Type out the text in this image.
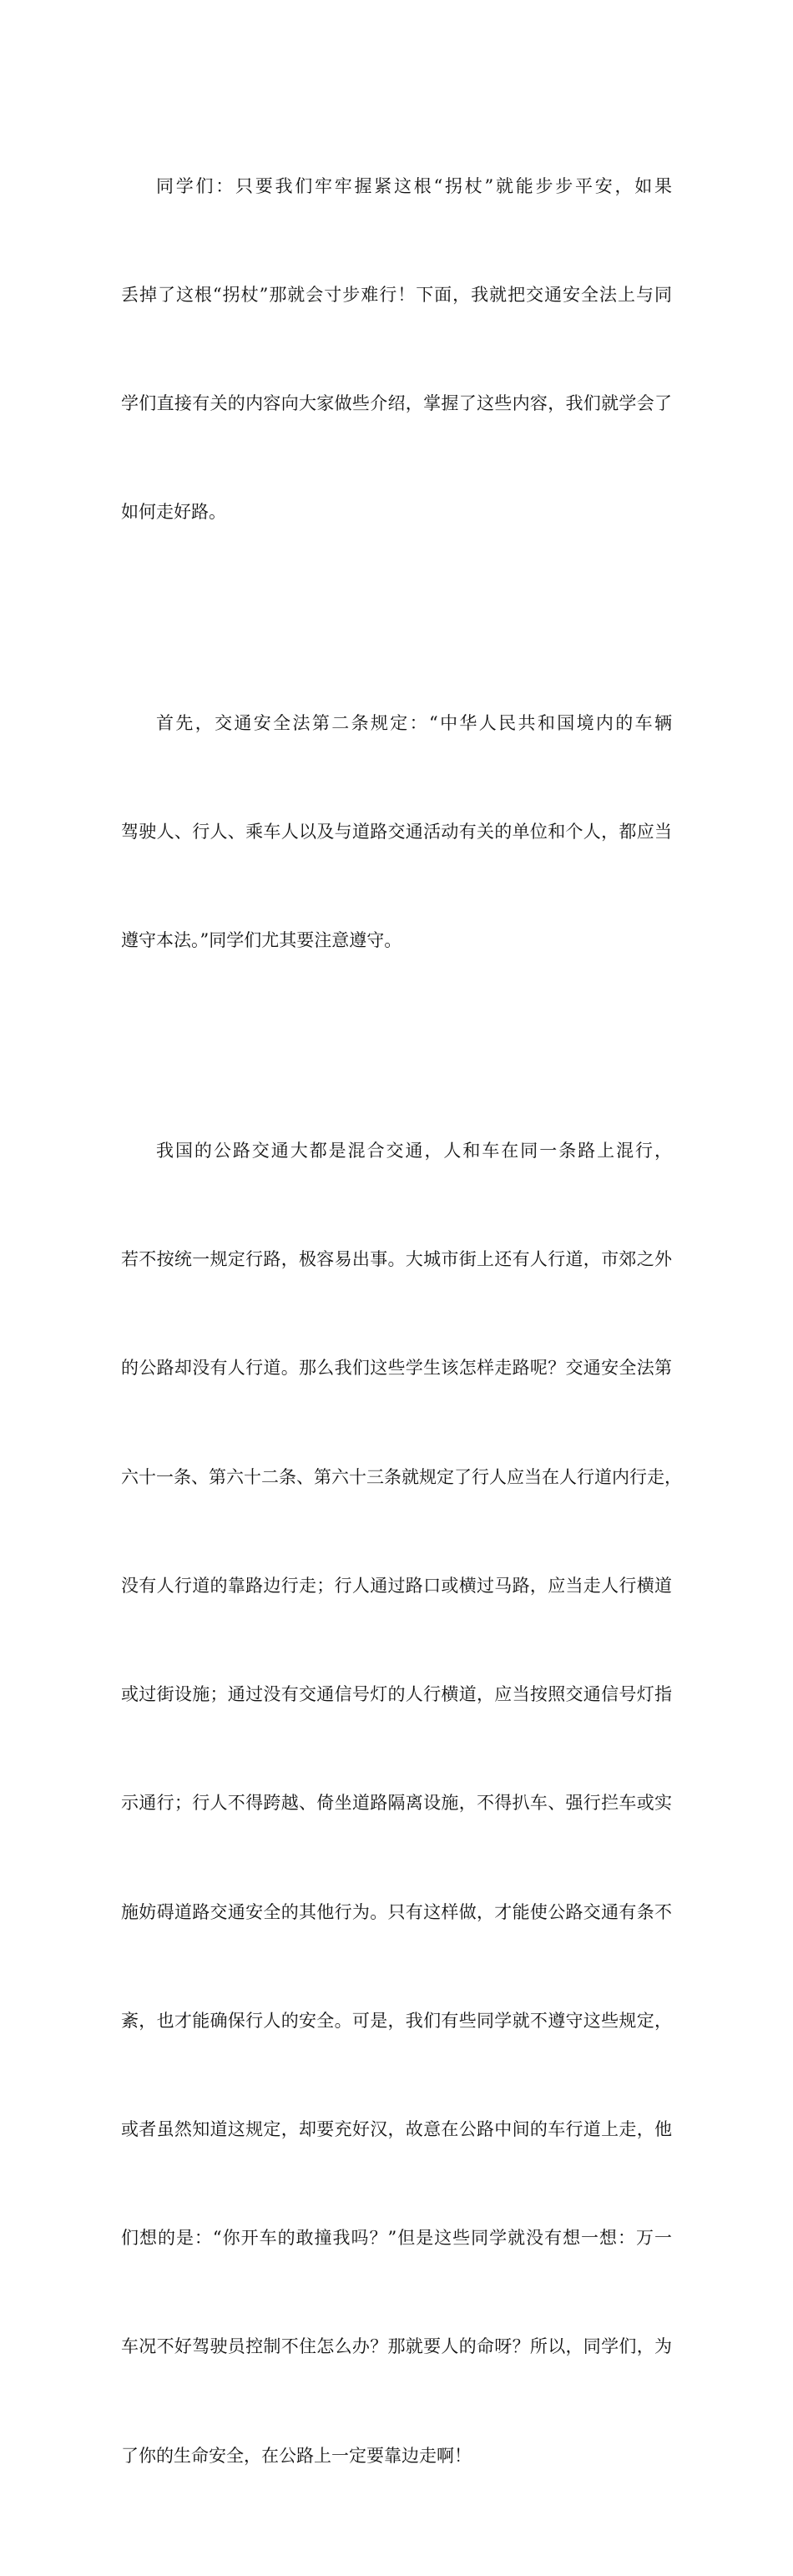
同学们：只要我们牢牢握紧这根“拐杖”就能步步平安，如果

丢掉了这根“拐杖”那就会寸步难行！下面，我就把交通安全法上与同

学们直接有关的内容向大家做些介绍，掌握了这些内容，我们就学会了

如何走好路。

首先，交通安全法第二条规定：“中华人民共和国境内的车辆

驾驶人、行人、乘车人以及与道路交通活动有关的单位和个人，都应当

遵守本法。”同学们尤其要注意遵守。

我国的公路交通大都是混合交通，人和车在同一条路上混行，

若不按统一规定行路，极容易出事。大城市街上还有人行道，市郊之外

的公路却没有人行道。那么我们这些学生该怎样走路呢？交通安全法第

六十一条、第六十二条、第六十三条就规定了行人应当在人行道内行走，

没有人行道的靠路边行走；行人通过路口或横过马路，应当走人行横道

或过街设施；通过没有交通信号灯的人行横道，应当按照交通信号灯指

示通行；行人不得跨越、倚坐道路隔离设施，不得扒车、强行拦车或实

施妨碍道路交通安全的其他行为。只有这样做，才能使公路交通有条不

紊，也才能确保行人的安全。可是，我们有些同学就不遵守这些规定，

或者虽然知道这规定，却要充好汉，故意在公路中间的车行道上走，他

们想的是：“你开车的敢撞我吗？”但是这些同学就没有想一想：万一

车况不好驾驶员控制不住怎么办？那就要人的命呀？所以，同学们，为

了你的生命安全，在公路上一定要靠边走啊！
